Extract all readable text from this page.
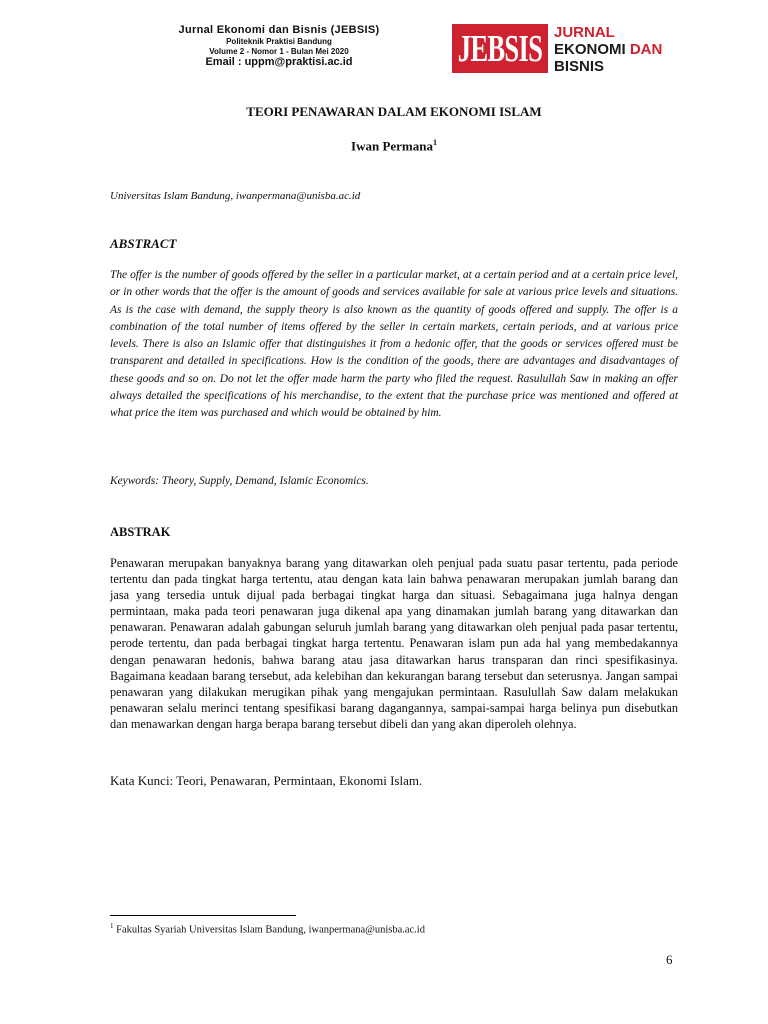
Jurnal Ekonomi dan Bisnis (JEBSIS)
Politeknik Praktisi Bandung
Volume 2 - Nomor 1 - Bulan Mei 2020
Email : uppm@praktisi.ac.id	JEBSIS JURNAL
EKONOMI DAN
BISNIS
TEORI PENAWARAN DALAM EKONOMI ISLAM
Iwan Permana$^1$
Universitas Islam Bandung, iwanpermana@unisba.ac.id
ABSTRACT
The offer is the number of goods offered by the seller in a particular market, at a certain period and at a certain price level, or in other words that the offer is the amount of goods and services available for sale at various price levels and situations. As is the case with demand, the supply theory is also known as the quantity of goods offered and supply. The offer is a combination of the total number of items offered by the seller in certain markets, certain periods, and at various price levels. There is also an Islamic offer that distinguishes it from a hedonic offer, that the goods or services offered must be transparent and detailed in specifications. How is the condition of the goods, there are advantages and disadvantages of these goods and so on. Do not let the offer made harm the party who filed the request. Rasulullah Saw in making an offer always detailed the specifications of his merchandise, to the extent that the purchase price was mentioned and offered at what price the item was purchased and which would be obtained by him.
Keywords: Theory, Supply, Demand, Islamic Economics.
ABSTRAK
Penawaran merupakan banyaknya barang yang ditawarkan oleh penjual pada suatu pasar tertentu, pada periode tertentu dan pada tingkat harga tertentu, atau dengan kata lain bahwa penawaran merupakan jumlah barang dan jasa yang tersedia untuk dijual pada berbagai tingkat harga dan situasi. Sebagaimana juga halnya dengan permintaan, maka pada teori penawaran juga dikenal apa yang dinamakan jumlah barang yang ditawarkan dan penawaran. Penawaran adalah gabungan seluruh jumlah barang yang ditawarkan oleh penjual pada pasar tertentu, perode tertentu, dan pada berbagai tingkat harga tertentu. Penawaran islam pun ada hal yang membedakannya dengan penawaran hedonis, bahwa barang atau jasa ditawarkan harus transparan dan rinci spesifikasinya. Bagaimana keadaan barang tersebut, ada kelebihan dan kekurangan barang tersebut dan seterusnya. Jangan sampai penawaran yang dilakukan merugikan pihak yang mengajukan permintaan. Rasulullah Saw dalam melakukan penawaran selalu merinci tentang spesifikasi barang dagangannya, sampai-sampai harga belinya pun disebutkan dan menawarkan dengan harga berapa barang tersebut dibeli dan yang akan diperoleh olehnya.
Kata Kunci: Teori, Penawaran, Permintaan, Ekonomi Islam.
$^1$ Fakultas Syariah Universitas Islam Bandung, iwanpermana@unisba.ac.id
6
